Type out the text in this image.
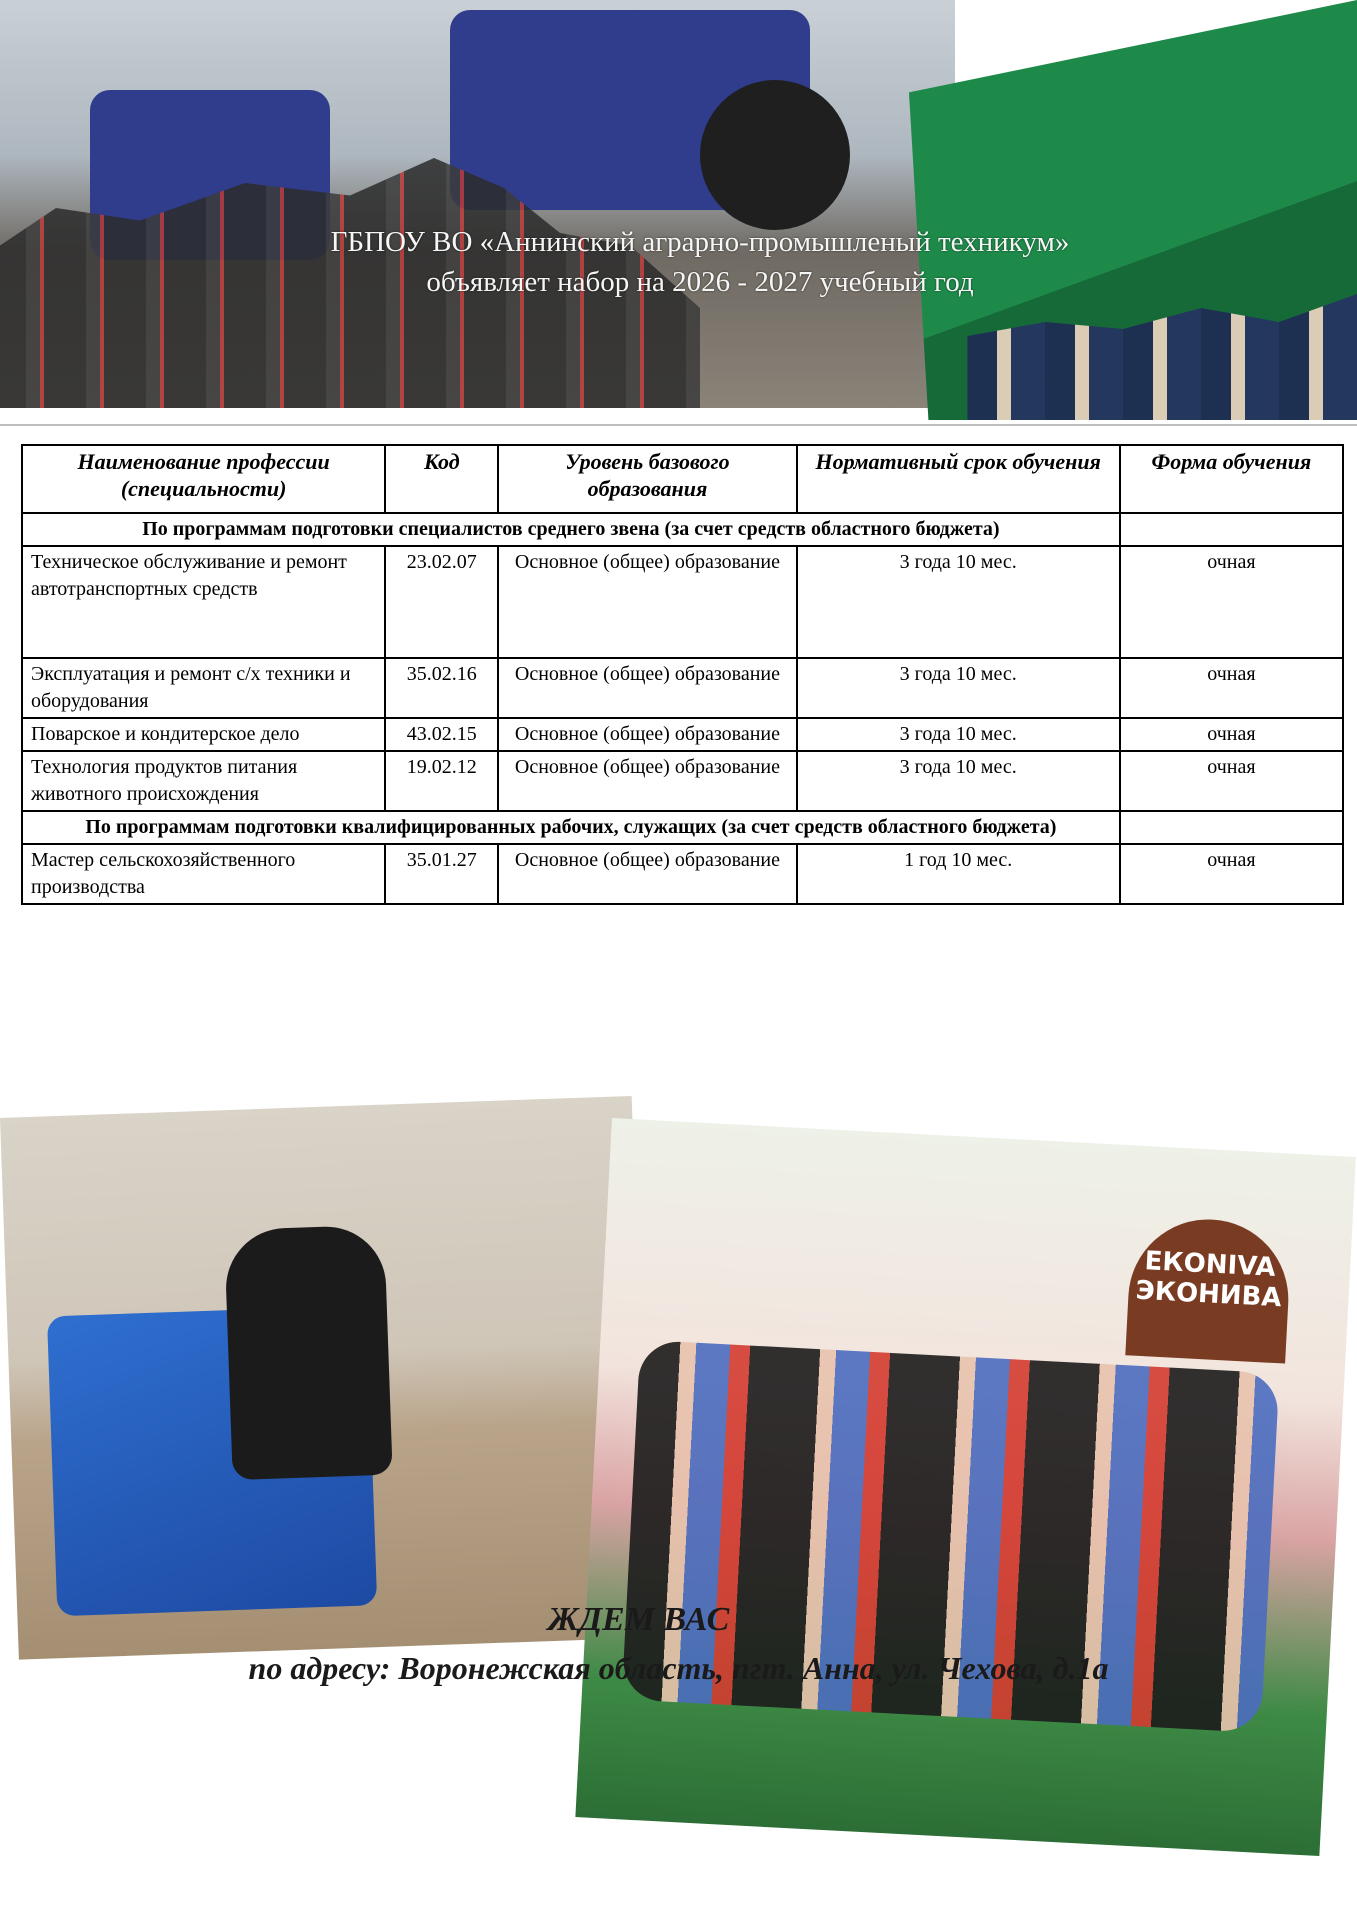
ГБПОУ ВО «Аннинский аграрно-промышленый техникум»
объявляет набор на 2026 - 2027 учебный год
Наименование профессии (специальности)	Код	Уровень базового образования	Нормативный срок обучения	Форма обучения
По программам подготовки специалистов среднего звена (за счет средств областного бюджета)				
Техническое обслуживание и ремонт автотранспортных средств	23.02.07	Основное (общее) образование	3 года 10 мес.	очная
Эксплуатация и ремонт с/х техники и оборудования	35.02.16	Основное (общее) образование	3 года 10 мес.	очная
Поварское и кондитерское дело	43.02.15	Основное (общее) образование	3 года 10 мес.	очная
Технология продуктов питания животного происхождения	19.02.12	Основное (общее) образование	3 года 10 мес.	очная
По программам подготовки квалифицированных рабочих, служащих (за счет средств областного бюджета)				
Мастер сельскохозяйственного производства	35.01.27	Основное (общее) образование	1 год 10 мес.	очная
ЕКОNIVA ЭКОНИВА
ЖДЕМ ВАС
по адресу: Воронежская область, пгт. Анна, ул. Чехова, д.1а
